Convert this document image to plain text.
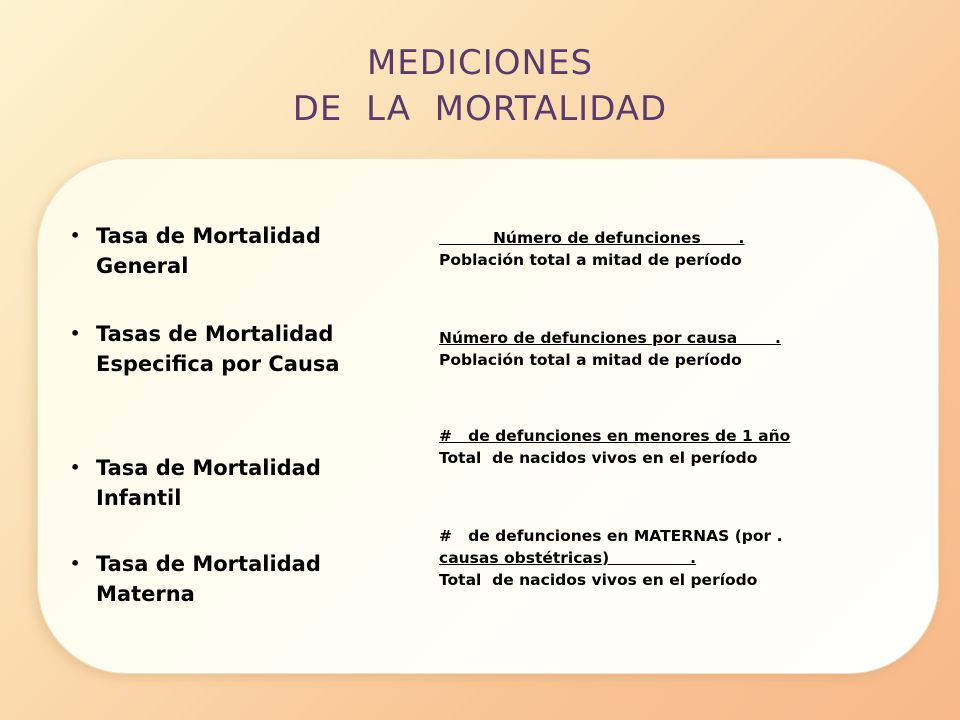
MEDICIONES
DE  LA  MORTALIDAD
• Tasa de Mortalidad
General
• Tasas de Mortalidad
Especifica por Causa
• Tasa de Mortalidad
Infantil
• Tasa de Mortalidad
Materna
Número de defunciones       .
Población total a mitad de período
Número de defunciones por causa       .
Población total a mitad de período
#   de defunciones en menores de 1 año
Total  de nacidos vivos en el período
#   de defunciones en MATERNAS (por .
causas obstétricas)               .
Total  de nacidos vivos en el período
